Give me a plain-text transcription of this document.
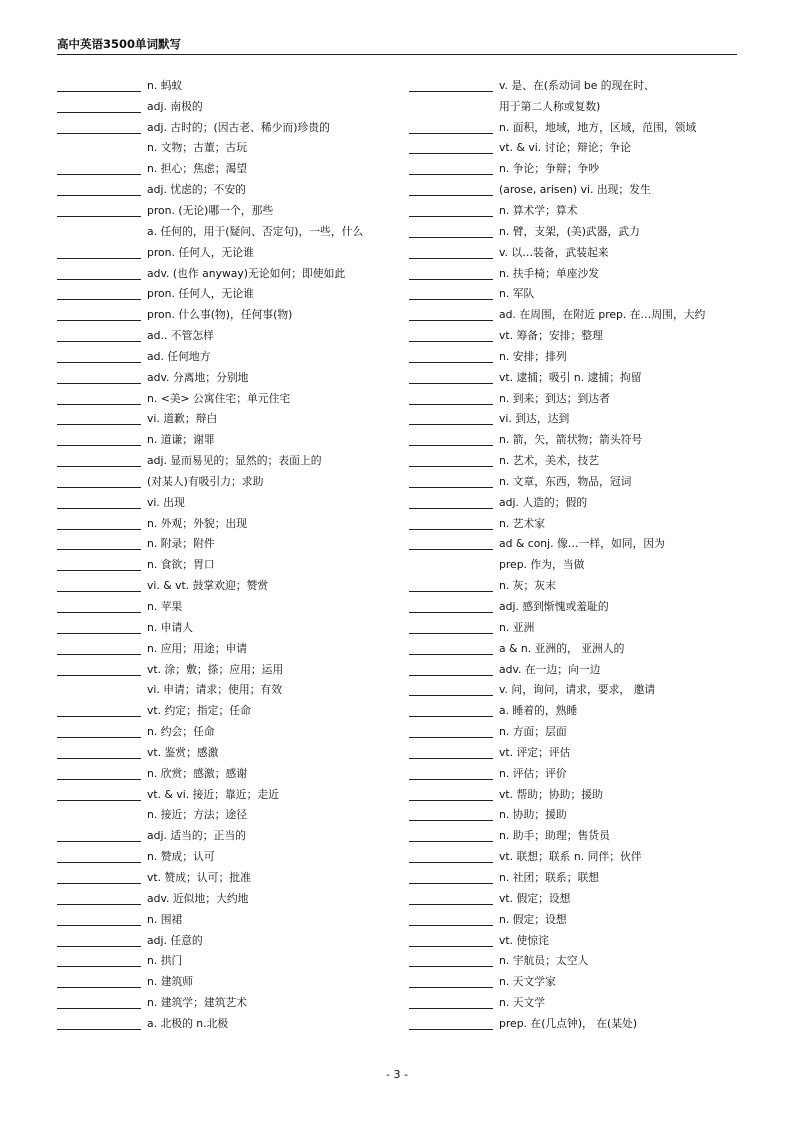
高中英语3500单词默写
n. 蚂蚁
adj. 南极的
adj. 古时的；(因古老、稀少而)珍贵的
n. 文物；古董；古玩
n. 担心；焦虑；渴望
adj. 忧虑的；不安的
pron. (无论)哪一个，那些
a. 任何的，用于(疑问、否定句)，一些，什么
pron. 任何人，无论谁
adv. (也作 anyway)无论如何；即使如此
pron. 任何人，无论谁
pron. 什么事(物)，任何事(物)
ad.. 不管怎样
ad. 任何地方
adv. 分离地；分别地
n. <美> 公寓住宅；单元住宅
vi. 道歉；辩白
n. 道谦；谢罪
adj. 显而易见的；显然的；表面上的
(对某人)有吸引力；求助
vi. 出现
n. 外观；外貌；出现
n. 附录；附件
n. 食欲；胃口
vi. & vt. 鼓掌欢迎；赞赏
n. 苹果
n. 申请人
n. 应用；用途；申请
vt. 涂；敷；搽；应用；运用
vi. 申请；请求；使用；有效
vt. 约定；指定；任命
n. 约会；任命
vt. 鉴赏；感激
n. 欣赏；感激；感谢
vt. & vi. 接近；靠近；走近
n. 接近；方法；途径
adj. 适当的；正当的
n. 赞成；认可
vt. 赞成；认可；批准
adv. 近似地；大约地
n. 围裙
adj. 任意的
n. 拱门
n. 建筑师
n. 建筑学；建筑艺术
a. 北极的 n.北极
v. 是、在(系动词 be 的现在时、
用于第二人称或复数)
n. 面积，地域，地方，区域，范围，领域
vt. & vi. 讨论；辩论；争论
n. 争论；争辩；争吵
(arose, arisen) vi. 出现；发生
n. 算术学；算术
n. 臂，支架，(美)武器，武力
v. 以…装备，武装起来
n. 扶手椅；单座沙发
n. 军队
ad. 在周围，在附近 prep. 在…周围，大约
vt. 筹备；安排；整理
n. 安排；排列
vt. 逮捕；吸引 n. 逮捕；拘留
n. 到来；到达；到达者
vi. 到达，达到
n. 箭，矢，箭状物；箭头符号
n. 艺术，美术，技艺
n. 文章，东西，物品，冠词
adj. 人造的；假的
n. 艺术家
ad & conj. 像…一样，如同，因为
prep. 作为，当做
n. 灰；灰末
adj. 感到惭愧或羞耻的
n. 亚洲
a & n. 亚洲的， 亚洲人的
adv. 在一边；向一边
v. 问，询问，请求，要求， 邀请
a. 睡着的，熟睡
n. 方面；层面
vt. 评定；评估
n. 评估；评价
vt. 帮助；协助；援助
n. 协助；援助
n. 助手；助理；售货员
vt. 联想；联系 n. 同伴；伙伴
n. 社团；联系；联想
vt. 假定；设想
n. 假定；设想
vt. 使惊诧
n. 宇航员；太空人
n. 天文学家
n. 天文学
prep. 在(几点钟)， 在(某处)
- 3 -
